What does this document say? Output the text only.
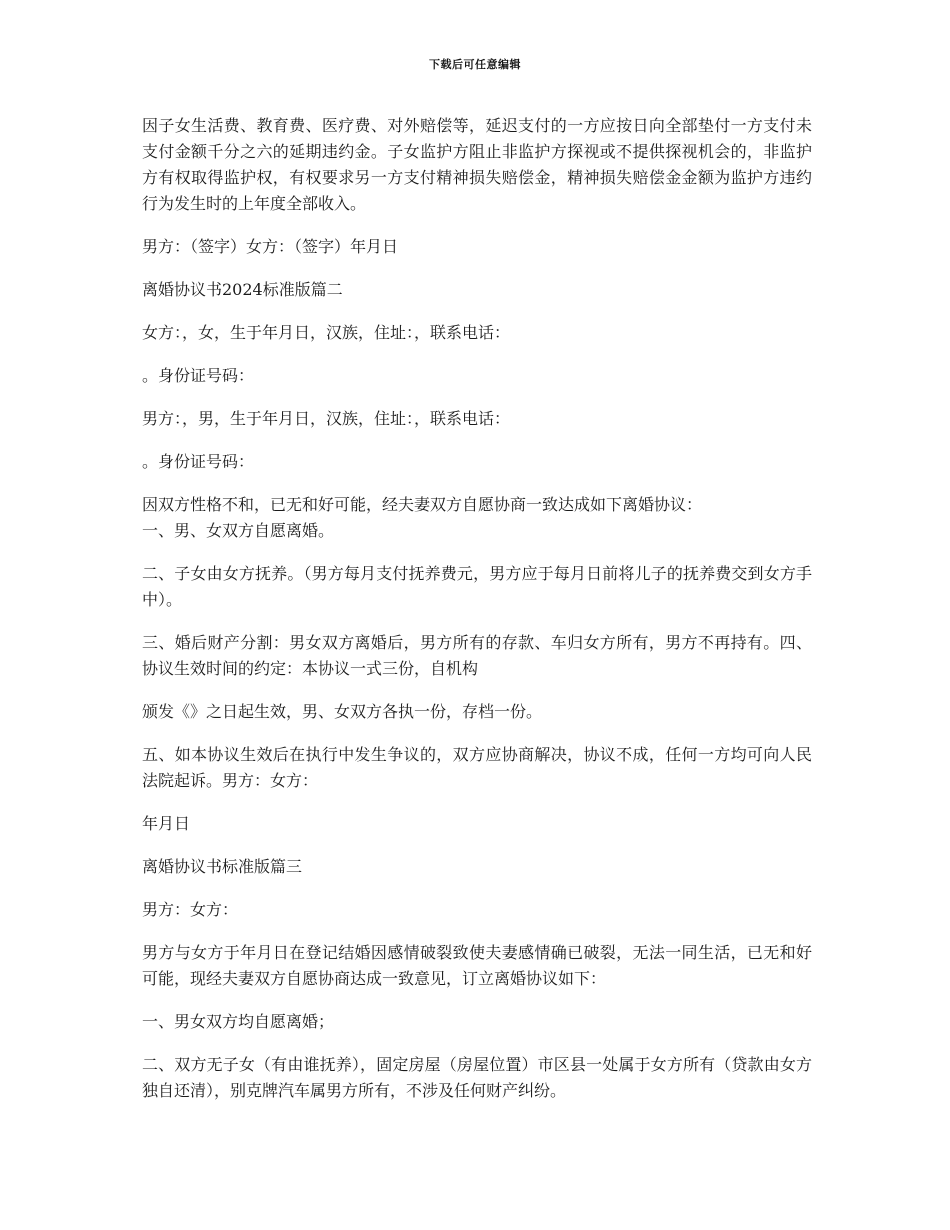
下载后可任意编辑

因子女生活费、教育费、医疗费、对外赔偿等，延迟支付的一方应按日向全部垫付一方支付未支付金额千分之六的延期违约金。子女监护方阻止非监护方探视或不提供探视机会的，非监护方有权取得监护权，有权要求另一方支付精神损失赔偿金，精神损失赔偿金金额为监护方违约行为发生时的上年度全部收入。

男方：（签字）女方：（签字）年月日

离婚协议书2024标准版篇二

女方：，女，生于年月日，汉族，住址：，联系电话：

。身份证号码：

男方：，男，生于年月日，汉族，住址：，联系电话：

。身份证号码：

因双方性格不和，已无和好可能，经夫妻双方自愿协商一致达成如下离婚协议：

一、男、女双方自愿离婚。

二、子女由女方抚养。（男方每月支付抚养费元，男方应于每月日前将儿子的抚养费交到女方手中）。

三、婚后财产分割：男女双方离婚后，男方所有的存款、车归女方所有，男方不再持有。四、协议生效时间的约定：本协议一式三份，自机构

颁发《》之日起生效，男、女双方各执一份，存档一份。

五、如本协议生效后在执行中发生争议的，双方应协商解决，协议不成，任何一方均可向人民法院起诉。男方：女方：

年月日

离婚协议书标准版篇三

男方：女方：

男方与女方于年月日在登记结婚因感情破裂致使夫妻感情确已破裂，无法一同生活，已无和好可能，现经夫妻双方自愿协商达成一致意见，订立离婚协议如下：

一、男女双方均自愿离婚；

二、双方无子女（有由谁抚养），固定房屋（房屋位置）市区县一处属于女方所有（贷款由女方独自还清），别克牌汽车属男方所有，不涉及任何财产纠纷。
